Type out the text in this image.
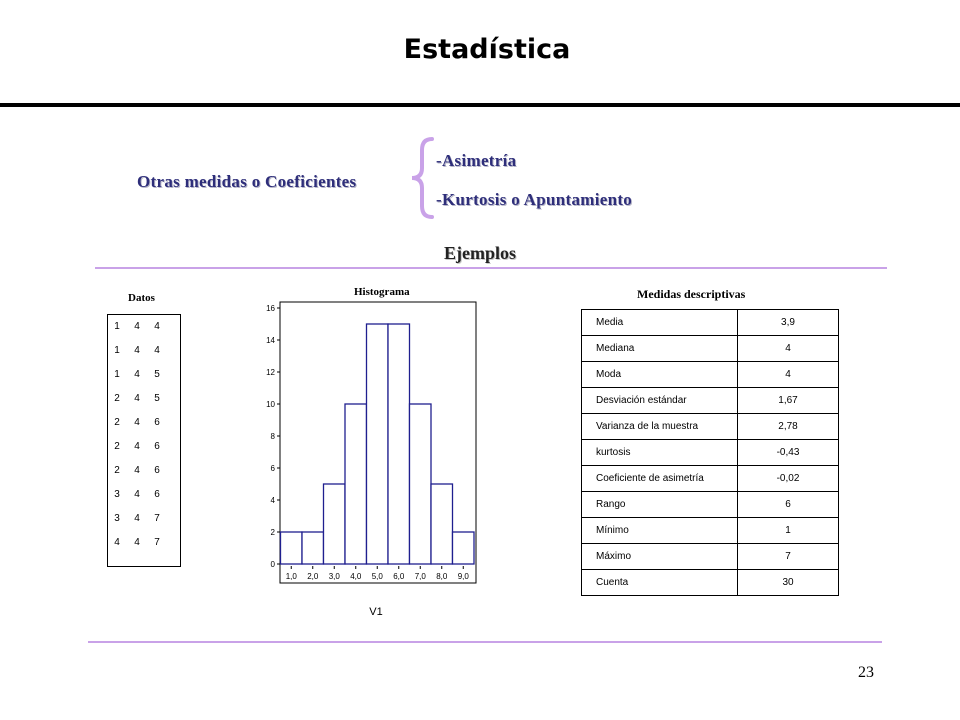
Estadística
Otras medidas o Coeficientes
-Asimetría
-Kurtosis o Apuntamiento
Ejemplos
Datos
1	4	4
1	4	4
1	4	5
2	4	5
2	4	6
2	4	6
2	4	6
3	4	6
3	4	7
4	4	7
Histograma
0
2
4
6
8
10
12
14
16
1,0 2,0 3,0 4,0 5,0 6,0 7,0 8,0 9,0
V1
Medidas descriptivas
Media	3,9
Mediana	4
Moda	4
Desviación estándar	1,67
Varianza de la muestra	2,78
kurtosis	-0,43
Coeficiente de asimetría	-0,02
Rango	6
Mínimo	1
Máximo	7
Cuenta	30
23
